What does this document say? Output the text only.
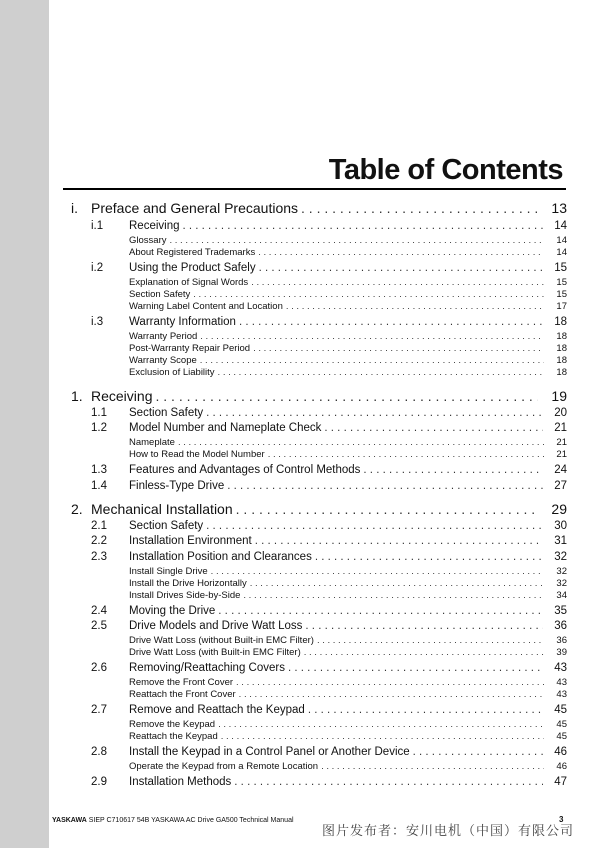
Table of Contents
i. Preface and General Precautions . . .	13
i.1 Receiving . . .	14
Glossary . . .	14
About Registered Trademarks . . .	14
i.2 Using the Product Safely . . .	15
Explanation of Signal Words . . .	15
Section Safety . . .	15
Warning Label Content and Location . . .	17
i.3 Warranty Information . . .	18
Warranty Period . . .	18
Post-Warranty Repair Period . . .	18
Warranty Scope . . .	18
Exclusion of Liability . . .	18
1. Receiving . . .	19
1.1 Section Safety . . .	20
1.2 Model Number and Nameplate Check . . .	21
Nameplate . . .	21
How to Read the Model Number . . .	21
1.3 Features and Advantages of Control Methods . . .	24
1.4 Finless-Type Drive . . .	27
2. Mechanical Installation . . .	29
2.1 Section Safety . . .	30
2.2 Installation Environment . . .	31
2.3 Installation Position and Clearances . . .	32
Install Single Drive . . .	32
Install the Drive Horizontally . . .	32
Install Drives Side-by-Side . . .	34
2.4 Moving the Drive . . .	35
2.5 Drive Models and Drive Watt Loss . . .	36
Drive Watt Loss (without Built-in EMC Filter) . . .	36
Drive Watt Loss (with Built-in EMC Filter) . . .	39
2.6 Removing/Reattaching Covers . . .	43
Remove the Front Cover . . .	43
Reattach the Front Cover . . .	43
2.7 Remove and Reattach the Keypad . . .	45
Remove the Keypad . . .	45
Reattach the Keypad . . .	45
2.8 Install the Keypad in a Control Panel or Another Device . . .	46
Operate the Keypad from a Remote Location . . .	46
2.9 Installation Methods . . .	47
YASKAWA SIEP C710617 54B YASKAWA AC Drive GA500 Technical Manual
图片发布者：安川电机（中国）有限公司
3
